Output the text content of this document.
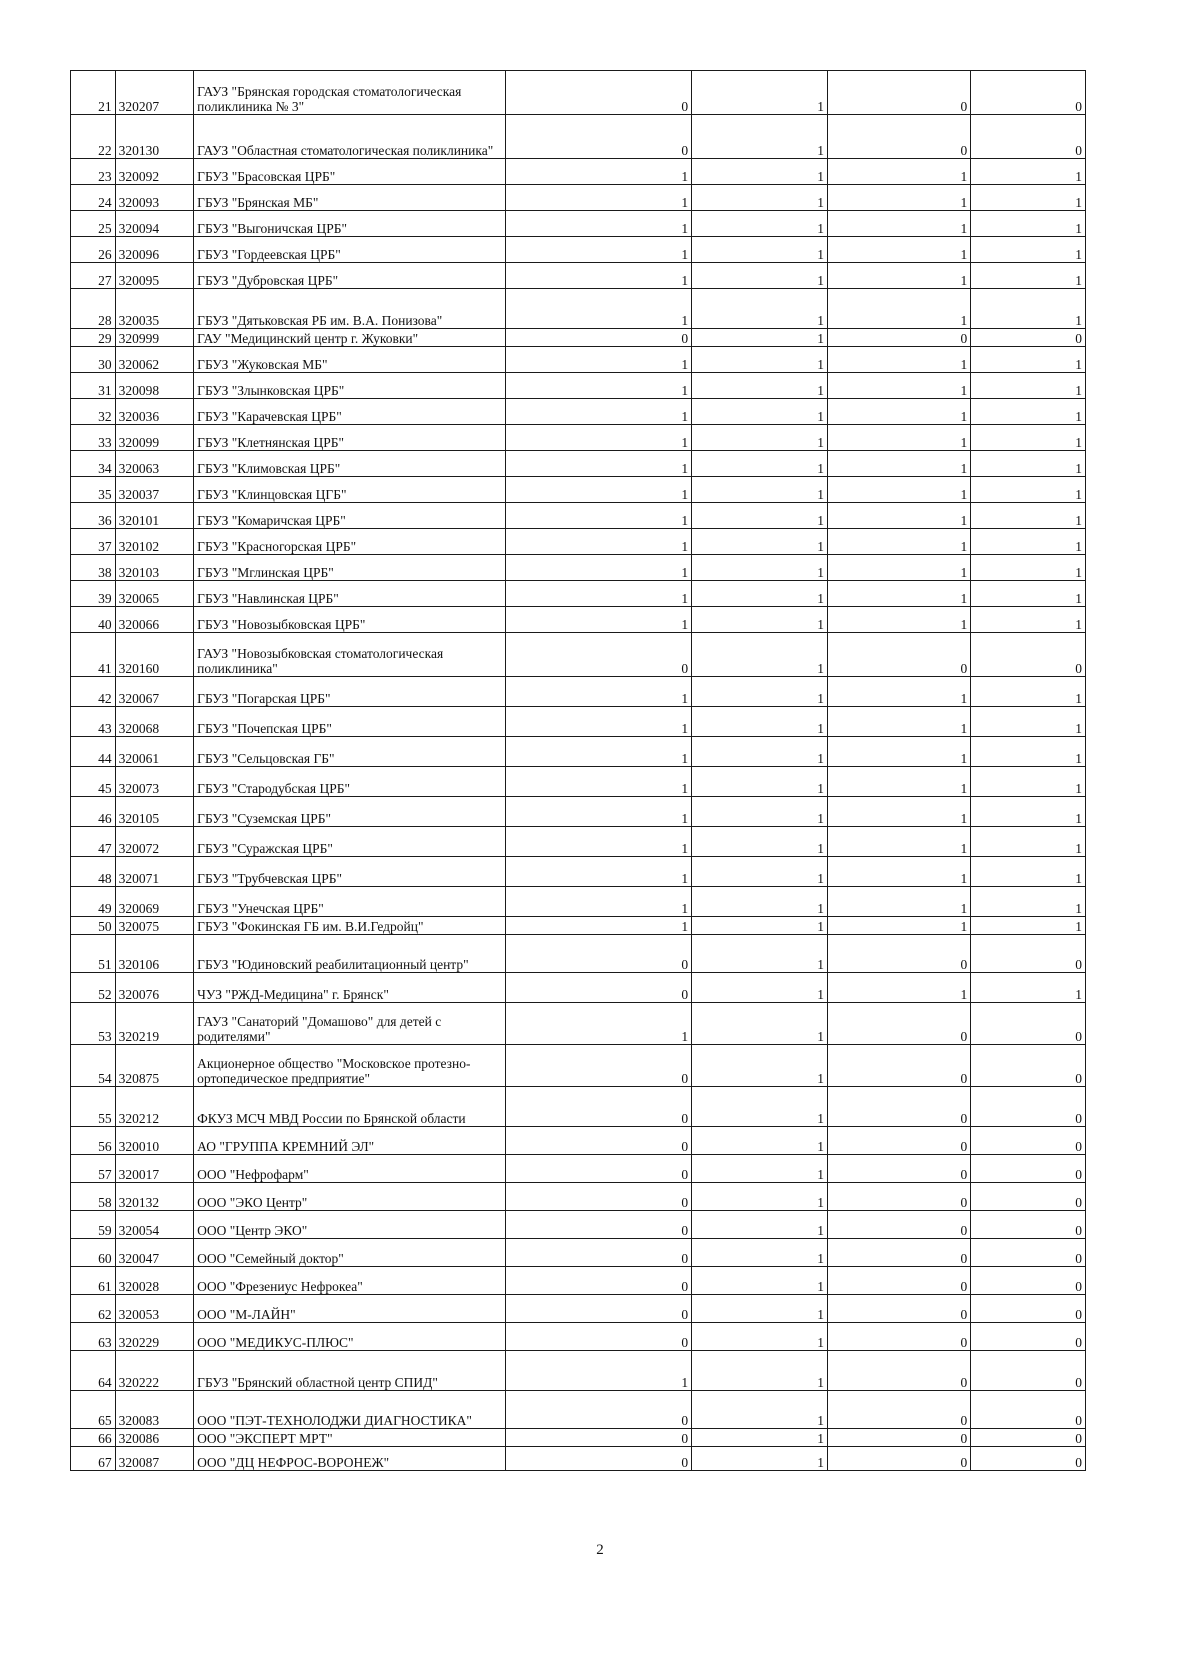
21	320207	ГАУЗ "Брянская городская стоматологическая поликлиника № 3"	0	1	0	0
22	320130	ГАУЗ "Областная стоматологическая поликлиника"	0	1	0	0
23	320092	ГБУЗ "Брасовская ЦРБ"	1	1	1	1
24	320093	ГБУЗ "Брянская МБ"	1	1	1	1
25	320094	ГБУЗ "Выгоничская ЦРБ"	1	1	1	1
26	320096	ГБУЗ "Гордеевская ЦРБ"	1	1	1	1
27	320095	ГБУЗ "Дубровская ЦРБ"	1	1	1	1
28	320035	ГБУЗ "Дятьковская РБ им. В.А. Понизова"	1	1	1	1
29	320999	ГАУ "Медицинский центр г. Жуковки"	0	1	0	0
30	320062	ГБУЗ "Жуковская МБ"	1	1	1	1
31	320098	ГБУЗ "Злынковская ЦРБ"	1	1	1	1
32	320036	ГБУЗ "Карачевская ЦРБ"	1	1	1	1
33	320099	ГБУЗ "Клетнянская ЦРБ"	1	1	1	1
34	320063	ГБУЗ "Климовская ЦРБ"	1	1	1	1
35	320037	ГБУЗ "Клинцовская ЦГБ"	1	1	1	1
36	320101	ГБУЗ "Комаричская ЦРБ"	1	1	1	1
37	320102	ГБУЗ "Красногорская ЦРБ"	1	1	1	1
38	320103	ГБУЗ "Мглинская ЦРБ"	1	1	1	1
39	320065	ГБУЗ "Навлинская ЦРБ"	1	1	1	1
40	320066	ГБУЗ "Новозыбковская ЦРБ"	1	1	1	1
41	320160	ГАУЗ "Новозыбковская стоматологическая поликлиника"	0	1	0	0
42	320067	ГБУЗ "Погарская ЦРБ"	1	1	1	1
43	320068	ГБУЗ "Почепская ЦРБ"	1	1	1	1
44	320061	ГБУЗ "Сельцовская ГБ"	1	1	1	1
45	320073	ГБУЗ "Стародубская ЦРБ"	1	1	1	1
46	320105	ГБУЗ "Суземская ЦРБ"	1	1	1	1
47	320072	ГБУЗ "Суражская ЦРБ"	1	1	1	1
48	320071	ГБУЗ "Трубчевская ЦРБ"	1	1	1	1
49	320069	ГБУЗ "Унечская ЦРБ"	1	1	1	1
50	320075	ГБУЗ "Фокинская ГБ им. В.И.Гедройц"	1	1	1	1
51	320106	ГБУЗ "Юдиновский реабилитационный центр"	0	1	0	0
52	320076	ЧУЗ "РЖД-Медицина" г. Брянск"	0	1	1	1
53	320219	ГАУЗ "Санаторий "Домашово" для детей с родителями"	1	1	0	0
54	320875	Акционерное общество "Московское протезно-ортопедическое предприятие"	0	1	0	0
55	320212	ФКУЗ МСЧ МВД России по Брянской области	0	1	0	0
56	320010	АО "ГРУППА КРЕМНИЙ ЭЛ"	0	1	0	0
57	320017	ООО "Нефрофарм"	0	1	0	0
58	320132	ООО "ЭКО Центр"	0	1	0	0
59	320054	ООО "Центр ЭКО"	0	1	0	0
60	320047	ООО "Семейный доктор"	0	1	0	0
61	320028	ООО "Фрезениус Нефрокеа"	0	1	0	0
62	320053	ООО "М-ЛАЙН"	0	1	0	0
63	320229	ООО "МЕДИКУС-ПЛЮС"	0	1	0	0
64	320222	ГБУЗ "Брянский областной центр СПИД"	1	1	0	0
65	320083	ООО "ПЭТ-ТЕХНОЛОДЖИ ДИАГНОСТИКА"	0	1	0	0
66	320086	ООО "ЭКСПЕРТ МРТ"	0	1	0	0
67	320087	ООО "ДЦ НЕФРОС-ВОРОНЕЖ"	0	1	0	0
2
